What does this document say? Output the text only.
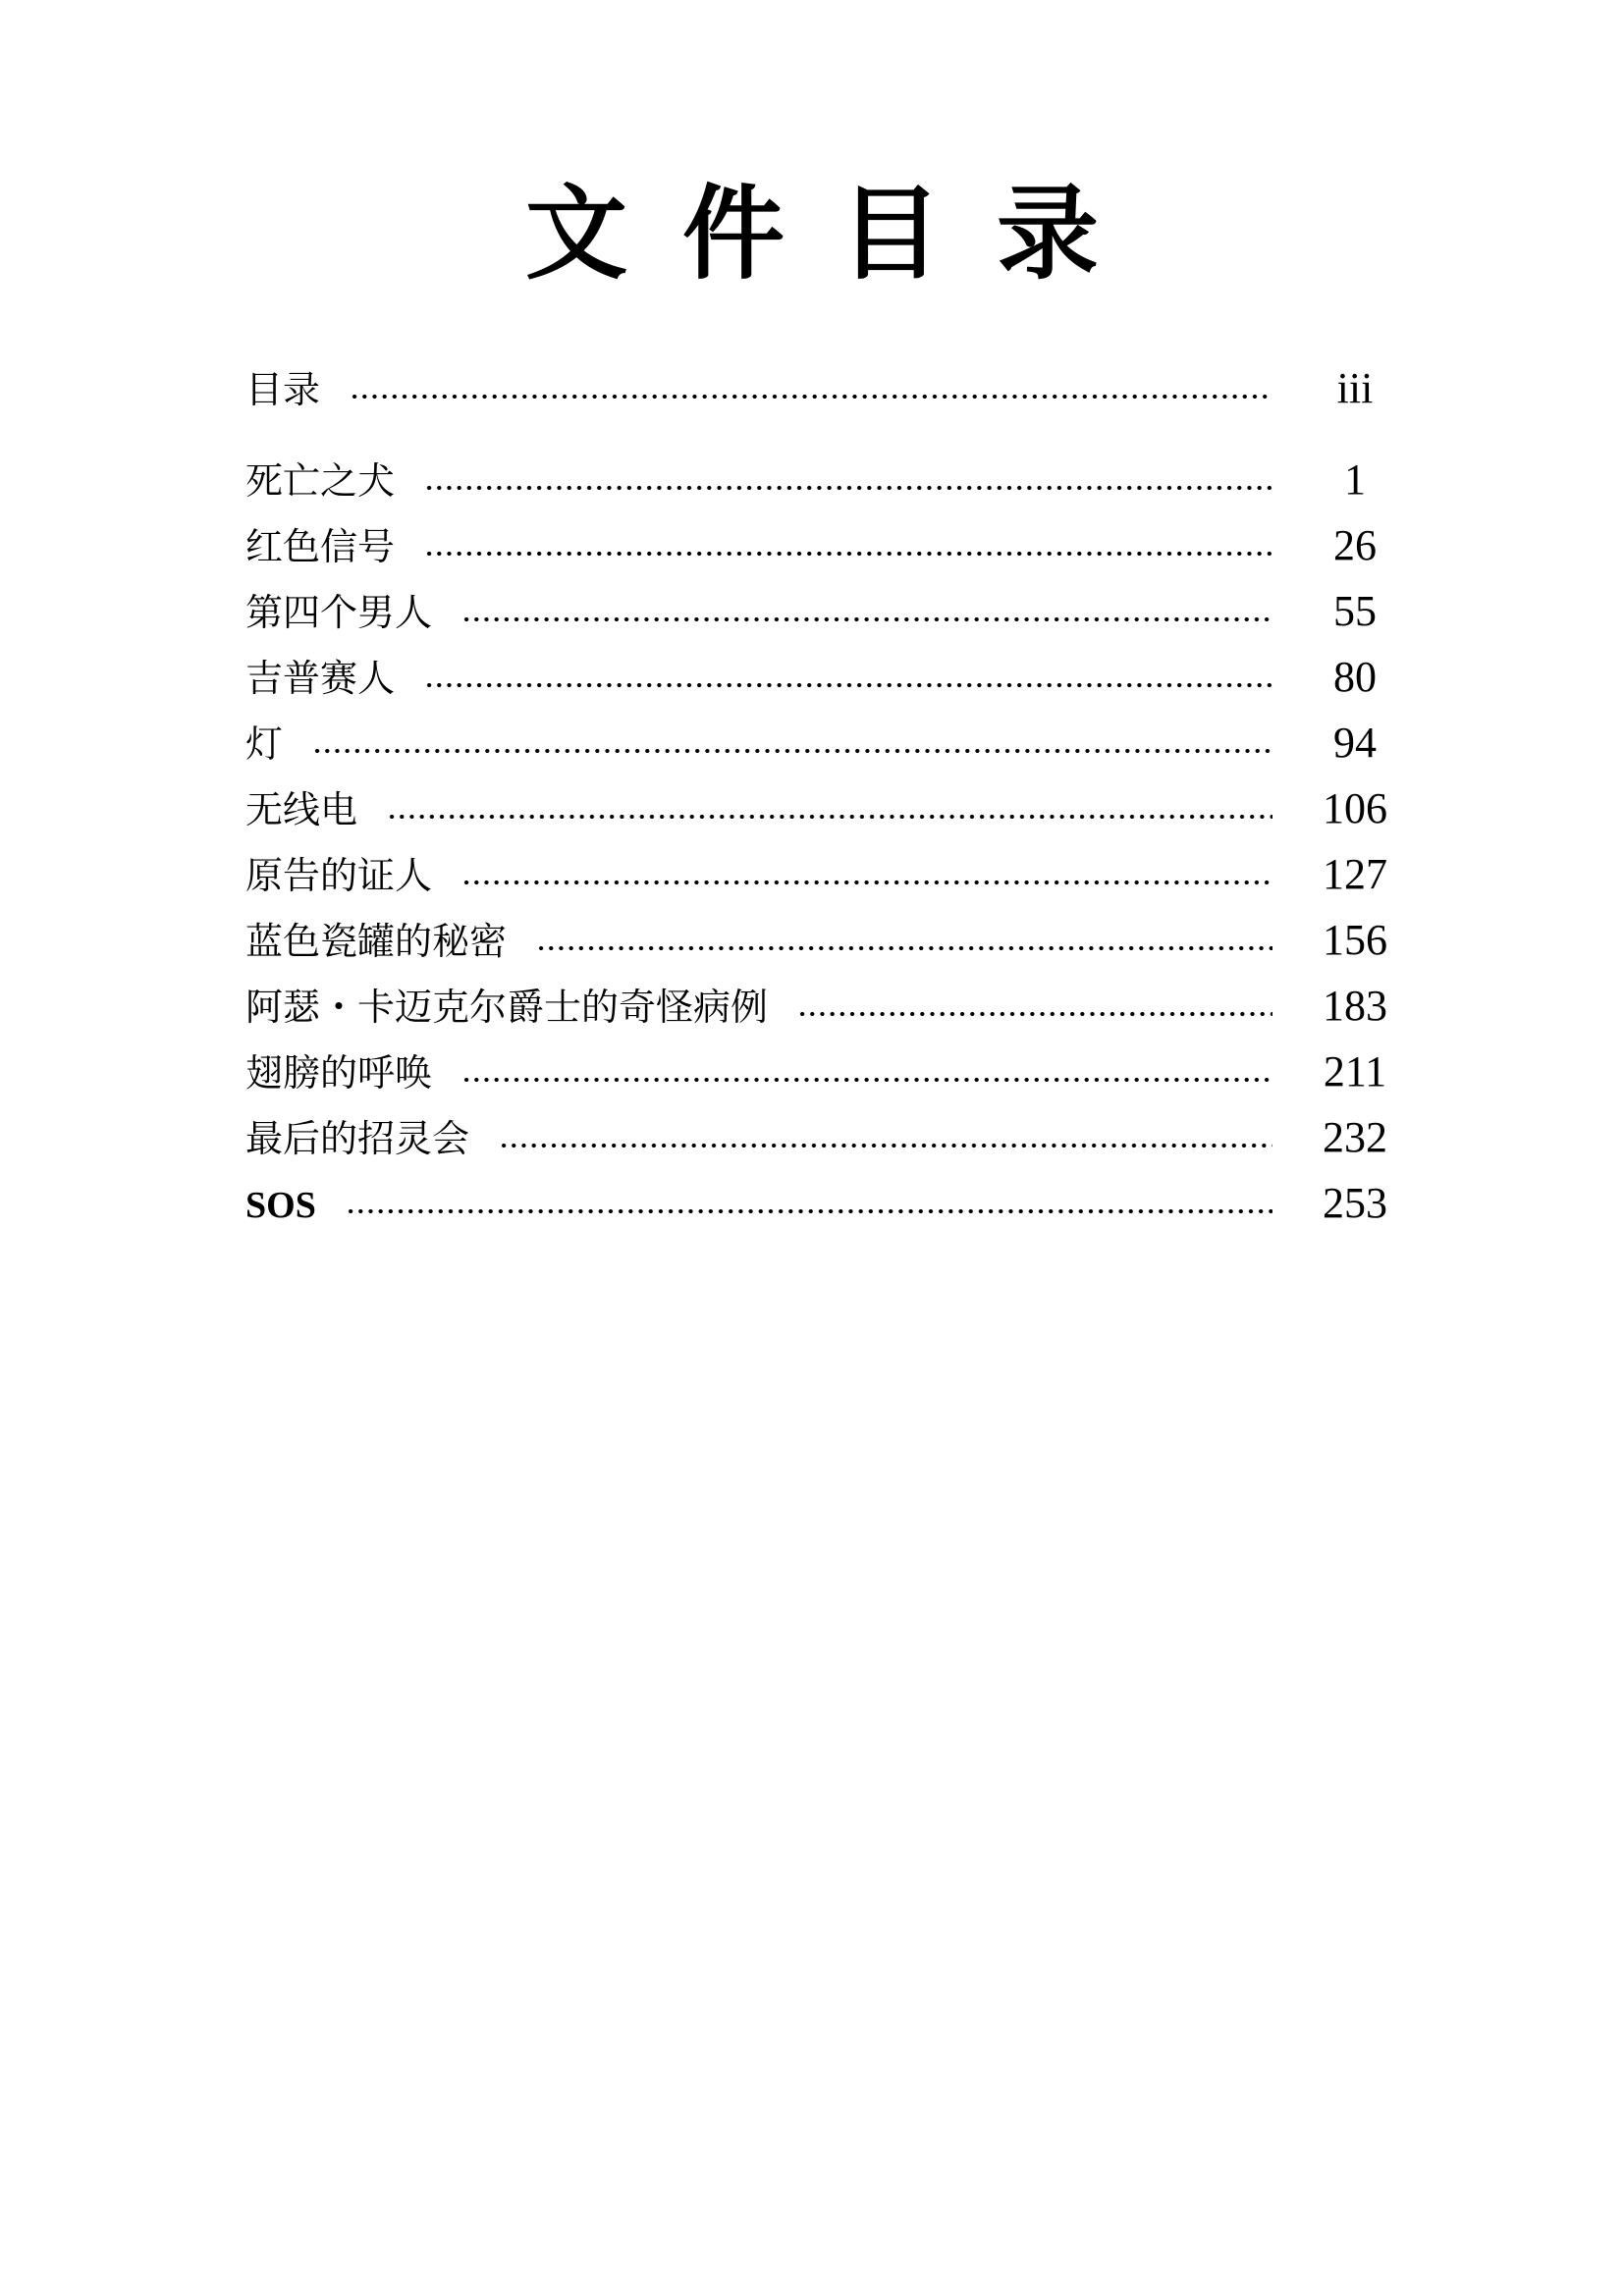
文 件 目 录
目录	iii
死亡之犬	1
红色信号	26
第四个男人	55
吉普赛人	80
灯	94
无线电	106
原告的证人	127
蓝色瓷罐的秘密	156
阿瑟・卡迈克尔爵士的奇怪病例	183
翅膀的呼唤	211
最后的招灵会	232
SOS	253
